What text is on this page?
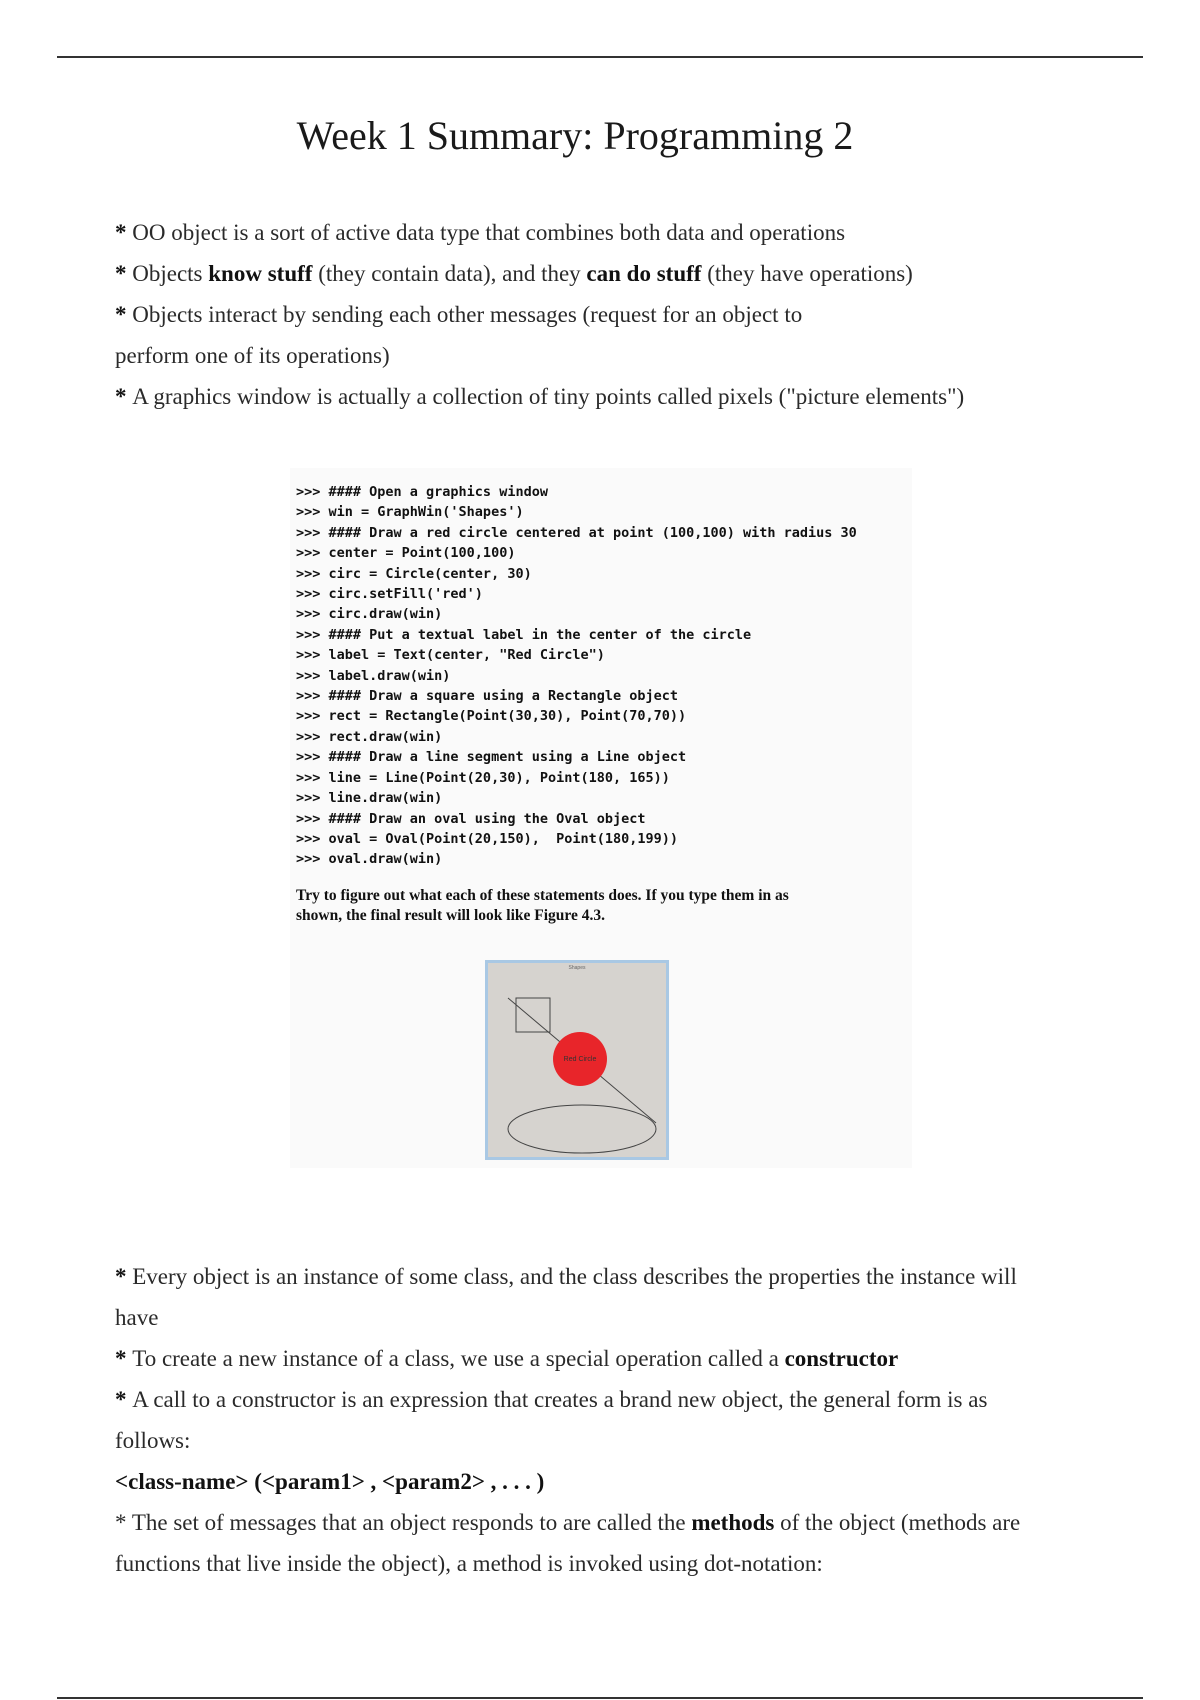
Week 1 Summary: Programming 2
* OO object is a sort of active data type that combines both data and operations
* Objects know stuff (they contain data), and they can do stuff (they have operations)
* Objects interact by sending each other messages (request for an object to
perform one of its operations)
* A graphics window is actually a collection of tiny points called pixels ("picture elements")
>>> #### Open a graphics window
>>> win = GraphWin('Shapes')
>>> #### Draw a red circle centered at point (100,100) with radius 30
>>> center = Point(100,100)
>>> circ = Circle(center, 30)
>>> circ.setFill('red')
>>> circ.draw(win)
>>> #### Put a textual label in the center of the circle
>>> label = Text(center, "Red Circle")
>>> label.draw(win)
>>> #### Draw a square using a Rectangle object
>>> rect = Rectangle(Point(30,30), Point(70,70))
>>> rect.draw(win)
>>> #### Draw a line segment using a Line object
>>> line = Line(Point(20,30), Point(180, 165))
>>> line.draw(win)
>>> #### Draw an oval using the Oval object
>>> oval = Oval(Point(20,150),  Point(180,199))
>>> oval.draw(win)
Try to figure out what each of these statements does. If you type them in as
shown, the final result will look like Figure 4.3.
Shapes
Red Circle
* Every object is an instance of some class, and the class describes the properties the instance will
have
* To create a new instance of a class, we use a special operation called a constructor
* A call to a constructor is an expression that creates a brand new object, the general form is as
follows:
<class-name> (<param1> , <param2> , . . . )
* The set of messages that an object responds to are called the methods of the object (methods are
functions that live inside the object), a method is invoked using dot-notation:
